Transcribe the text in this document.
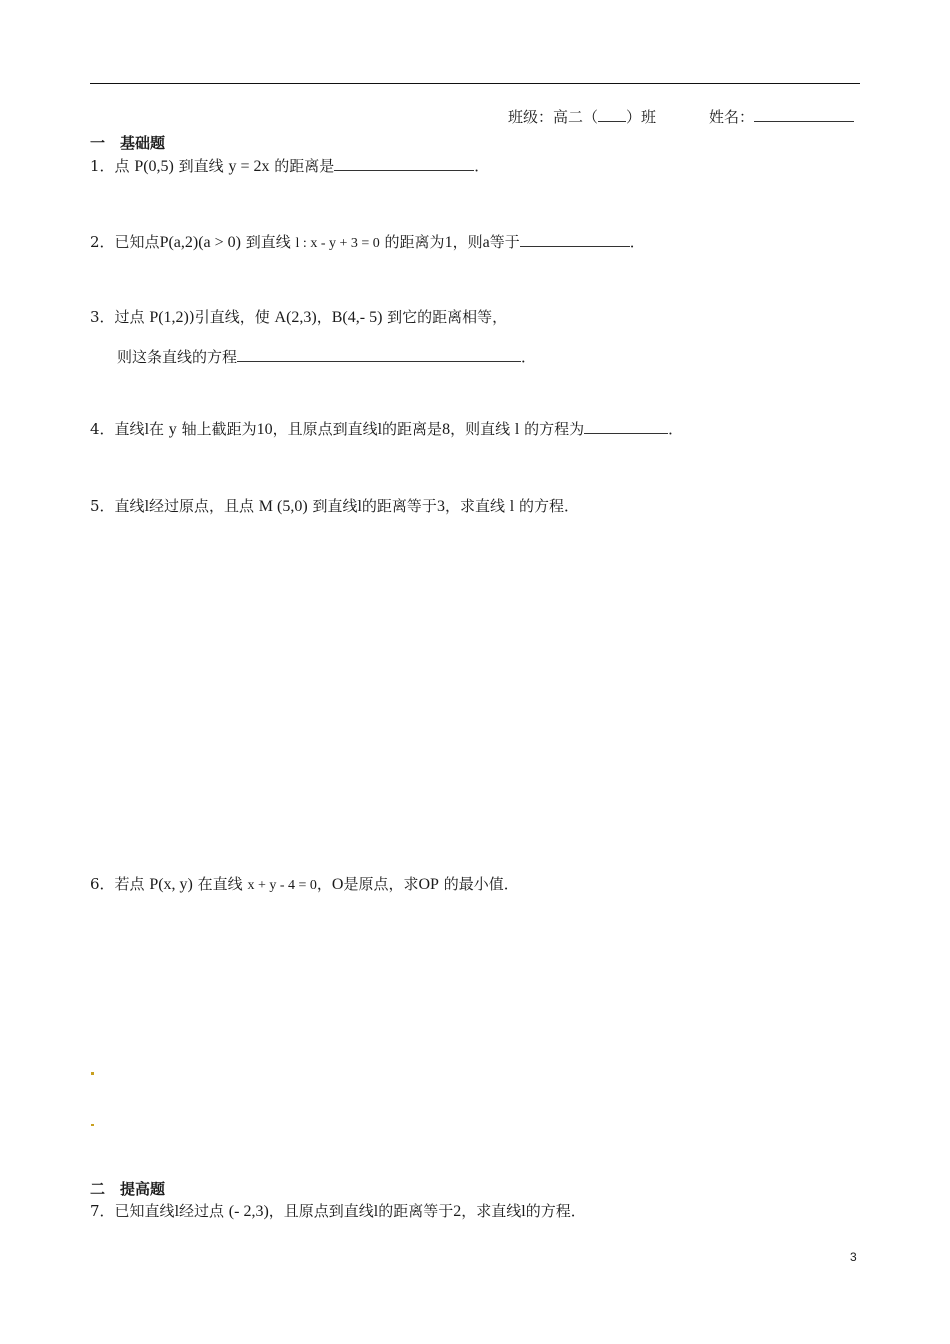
班级：高二（ ）班	姓名：
一　基础题
1．点 P(0,5) 到直线 y = 2x 的距离是	．
2．已知点P(a,2)(a > 0) 到直线 l : x - y + 3 = 0 的距离为1，则a等于	．
3．过点 P(1,2))引直线，使 A(2,3)，B(4,- 5) 到它的距离相等，
则这条直线的方程	．
4．直线l在 y 轴上截距为10，且原点到直线l的距离是8，则直线 l 的方程为	．
5．直线l经过原点，且点 M (5,0) 到直线l的距离等于3，求直线 l 的方程．
6．若点 P(x, y) 在直线 x + y - 4 = 0，O是原点，求OP 的最小值．
二　提高题
7．已知直线l经过点 (- 2,3)，且原点到直线l的距离等于2，求直线l的方程．
3
